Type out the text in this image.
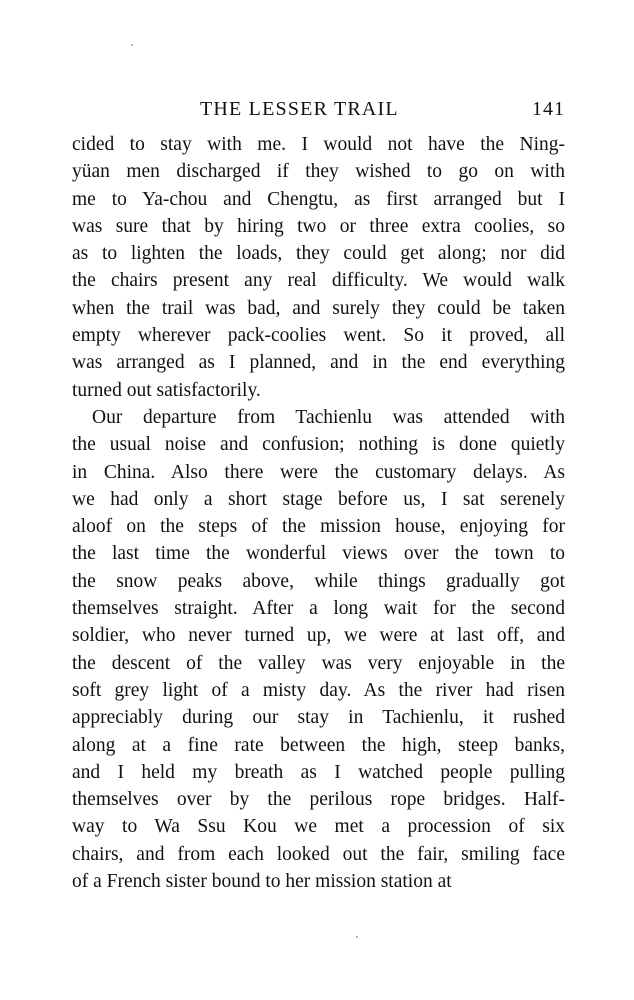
THE LESSER TRAIL	141
cided to stay with me. I would not have the Ning-
yüan men discharged if they wished to go on with
me to Ya-chou and Chengtu, as first arranged but I
was sure that by hiring two or three extra coolies, so
as to lighten the loads, they could get along; nor did
the chairs present any real difficulty. We would walk
when the trail was bad, and surely they could be taken
empty wherever pack-coolies went. So it proved, all
was arranged as I planned, and in the end everything
turned out satisfactorily.
Our departure from Tachienlu was attended with
the usual noise and confusion; nothing is done quietly
in China. Also there were the customary delays. As
we had only a short stage before us, I sat serenely
aloof on the steps of the mission house, enjoying for
the last time the wonderful views over the town to
the snow peaks above, while things gradually got
themselves straight. After a long wait for the second
soldier, who never turned up, we were at last off, and
the descent of the valley was very enjoyable in the
soft grey light of a misty day. As the river had risen
appreciably during our stay in Tachienlu, it rushed
along at a fine rate between the high, steep banks,
and I held my breath as I watched people pulling
themselves over by the perilous rope bridges. Half-
way to Wa Ssu Kou we met a procession of six
chairs, and from each looked out the fair, smiling face
of a French sister bound to her mission station at
